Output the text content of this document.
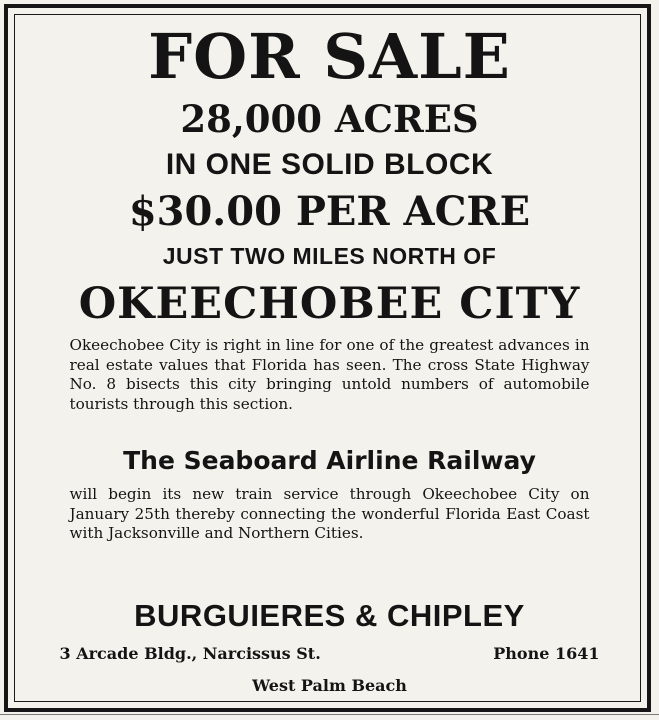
FOR SALE
28,000 ACRES
IN ONE SOLID BLOCK
$30.00 PER ACRE
JUST TWO MILES NORTH OF
OKEECHOBEE CITY

Okeechobee City is right in line for one of the greatest advances in real estate values that Florida has seen. The cross State Highway No. 8 bisects this city bringing untold numbers of automobile tourists through this section.

The Seaboard Airline Railway

will begin its new train service through Okeechobee City on January 25th thereby connecting the wonderful Florida East Coast with Jacksonville and Northern Cities.

BURGUIERES & CHIPLEY
3 Arcade Bldg., Narcissus St.	Phone 1641
West Palm Beach
